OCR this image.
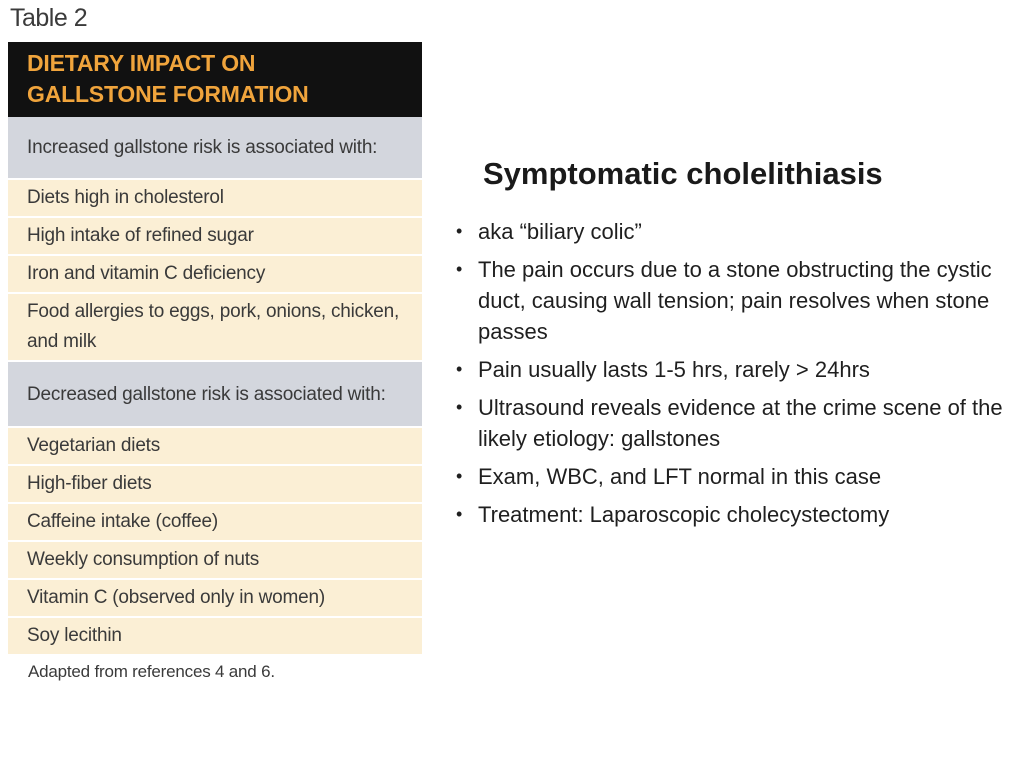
Table 2
DIETARY IMPACT ON
GALLSTONE FORMATION
Increased gallstone risk is associated with:
Diets high in cholesterol
High intake of refined sugar
Iron and vitamin C deficiency
Food allergies to eggs, pork, onions, chicken, and milk
Decreased gallstone risk is associated with:
Vegetarian diets
High-fiber diets
Caffeine intake (coffee)
Weekly consumption of nuts
Vitamin C (observed only in women)
Soy lecithin
Adapted from references 4 and 6.
Symptomatic cholelithiasis
• aka “biliary colic”
• The pain occurs due to a stone obstructing the cystic duct, causing wall tension; pain resolves when stone passes
• Pain usually lasts 1-5 hrs, rarely > 24hrs
• Ultrasound reveals evidence at the crime scene of the likely etiology: gallstones
• Exam, WBC, and LFT normal in this case
• Treatment: Laparoscopic cholecystectomy
